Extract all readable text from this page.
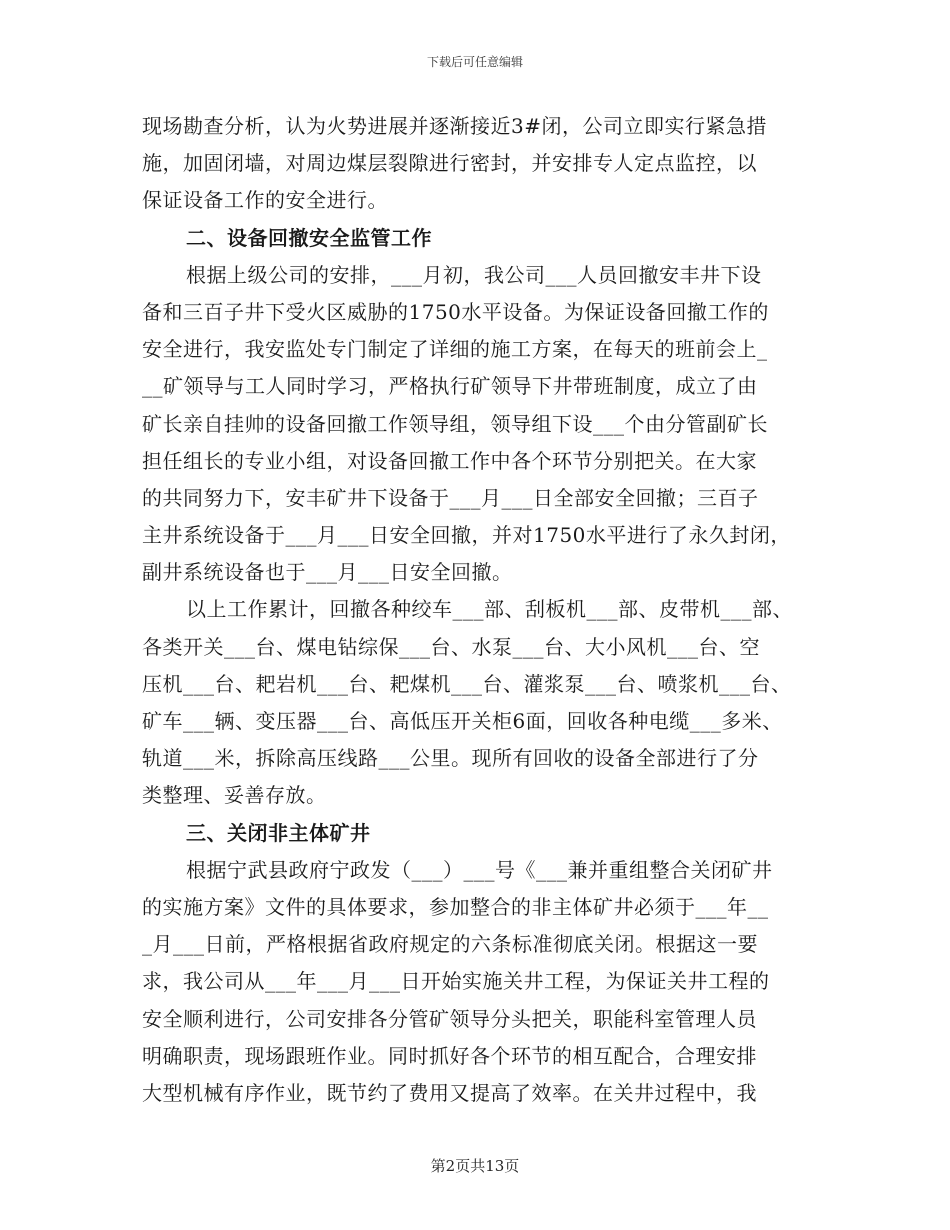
下载后可任意编辑
现场勘查分析，认为火势进展并逐渐接近3#闭，公司立即实行紧急措
施，加固闭墙，对周边煤层裂隙进行密封，并安排专人定点监控，以
保证设备工作的安全进行。
二、设备回撤安全监管工作
根据上级公司的安排，___月初，我公司___人员回撤安丰井下设
备和三百子井下受火区威胁的1750水平设备。为保证设备回撤工作的
安全进行，我安监处专门制定了详细的施工方案，在每天的班前会上_
__矿领导与工人同时学习，严格执行矿领导下井带班制度，成立了由
矿长亲自挂帅的设备回撤工作领导组，领导组下设___个由分管副矿长
担任组长的专业小组，对设备回撤工作中各个环节分别把关。在大家
的共同努力下，安丰矿井下设备于___月___日全部安全回撤；三百子
主井系统设备于___月___日安全回撤，并对1750水平进行了永久封闭，
副井系统设备也于___月___日安全回撤。
以上工作累计，回撤各种绞车___部、刮板机___部、皮带机___部、
各类开关___台、煤电钻综保___台、水泵___台、大小风机___台、空
压机___台、耙岩机___台、耙煤机___台、灌浆泵___台、喷浆机___台、
矿车___辆、变压器___台、高低压开关柜6面，回收各种电缆___多米、
轨道___米，拆除高压线路___公里。现所有回收的设备全部进行了分
类整理、妥善存放。
三、关闭非主体矿井
根据宁武县政府宁政发（___）___号《___兼并重组整合关闭矿井
的实施方案》文件的具体要求，参加整合的非主体矿井必须于___年__
_月___日前，严格根据省政府规定的六条标准彻底关闭。根据这一要
求，我公司从___年___月___日开始实施关井工程，为保证关井工程的
安全顺利进行，公司安排各分管矿领导分头把关，职能科室管理人员
明确职责，现场跟班作业。同时抓好各个环节的相互配合，合理安排
大型机械有序作业，既节约了费用又提高了效率。在关井过程中，我
第2页共13页
